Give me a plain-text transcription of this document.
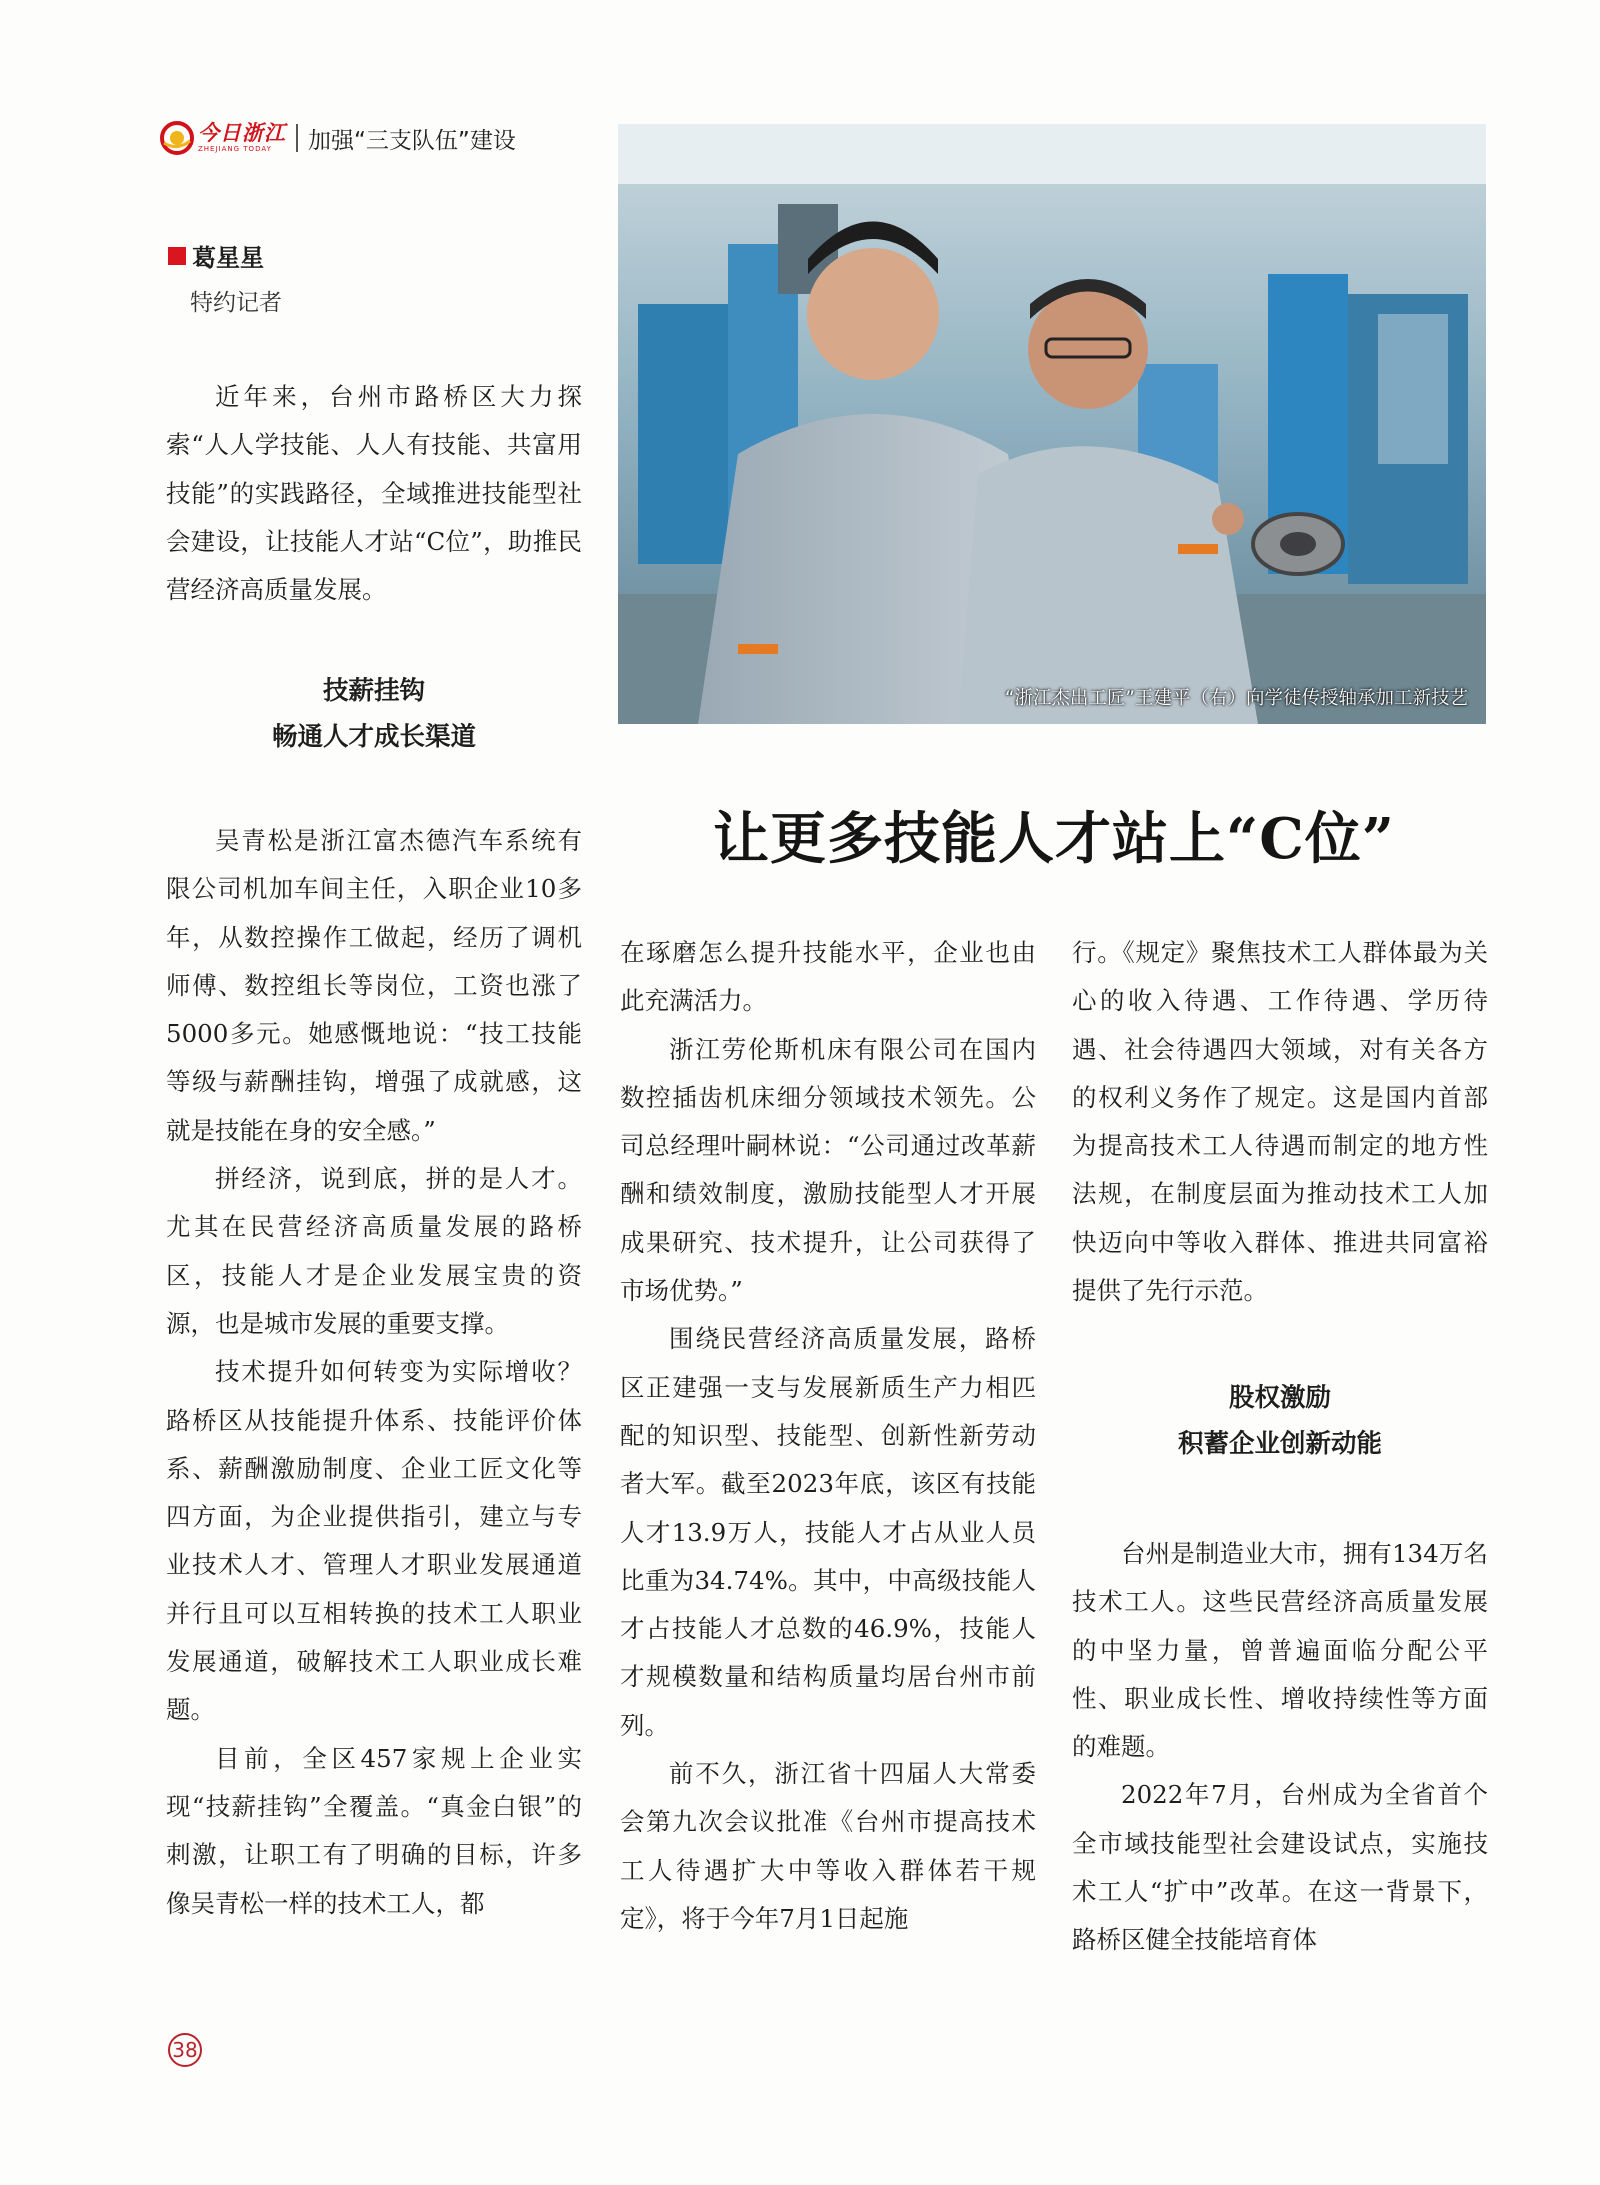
今日浙江
ZHEJIANG TODAY	加强“三支队伍”建设
葛星星
特约记者

近年来，台州市路桥区大力探索“人人学技能、人人有技能、共富用技能”的实践路径，全域推进技能型社会建设，让技能人才站“C位”，助推民营经济高质量发展。

技薪挂钩
畅通人才成长渠道

吴青松是浙江富杰德汽车系统有限公司机加车间主任，入职企业10多年，从数控操作工做起，经历了调机师傅、数控组长等岗位，工资也涨了5000多元。她感慨地说：“技工技能等级与薪酬挂钩，增强了成就感，这就是技能在身的安全感。”

拼经济，说到底，拼的是人才。尤其在民营经济高质量发展的路桥区，技能人才是企业发展宝贵的资源，也是城市发展的重要支撑。

技术提升如何转变为实际增收？路桥区从技能提升体系、技能评价体系、薪酬激励制度、企业工匠文化等四方面，为企业提供指引，建立与专业技术人才、管理人才职业发展通道并行且可以互相转换的技术工人职业发展通道，破解技术工人职业成长难题。

目前，全区457家规上企业实现“技薪挂钩”全覆盖。“真金白银”的刺激，让职工有了明确的目标，许多像吴青松一样的技术工人，都

“浙江杰出工匠”王建平（右）向学徒传授轴承加工新技艺
让更多技能人才站上“C位”

在琢磨怎么提升技能水平，企业也由此充满活力。

浙江劳伦斯机床有限公司在国内数控插齿机床细分领域技术领先。公司总经理叶嗣林说：“公司通过改革薪酬和绩效制度，激励技能型人才开展成果研究、技术提升，让公司获得了市场优势。”

围绕民营经济高质量发展，路桥区正建强一支与发展新质生产力相匹配的知识型、技能型、创新性新劳动者大军。截至2023年底，该区有技能人才13.9万人，技能人才占从业人员比重为34.74%。其中，中高级技能人才占技能人才总数的46.9%，技能人才规模数量和结构质量均居台州市前列。

前不久，浙江省十四届人大常委会第九次会议批准《台州市提高技术工人待遇扩大中等收入群体若干规定》，将于今年7月1日起施

行。《规定》聚焦技术工人群体最为关心的收入待遇、工作待遇、学历待遇、社会待遇四大领域，对有关各方的权利义务作了规定。这是国内首部为提高技术工人待遇而制定的地方性法规，在制度层面为推动技术工人加快迈向中等收入群体、推进共同富裕提供了先行示范。

股权激励
积蓄企业创新动能

台州是制造业大市，拥有134万名技术工人。这些民营经济高质量发展的中坚力量，曾普遍面临分配公平性、职业成长性、增收持续性等方面的难题。

2022年7月，台州成为全省首个全市域技能型社会建设试点，实施技术工人“扩中”改革。在这一背景下，路桥区健全技能培育体

38
